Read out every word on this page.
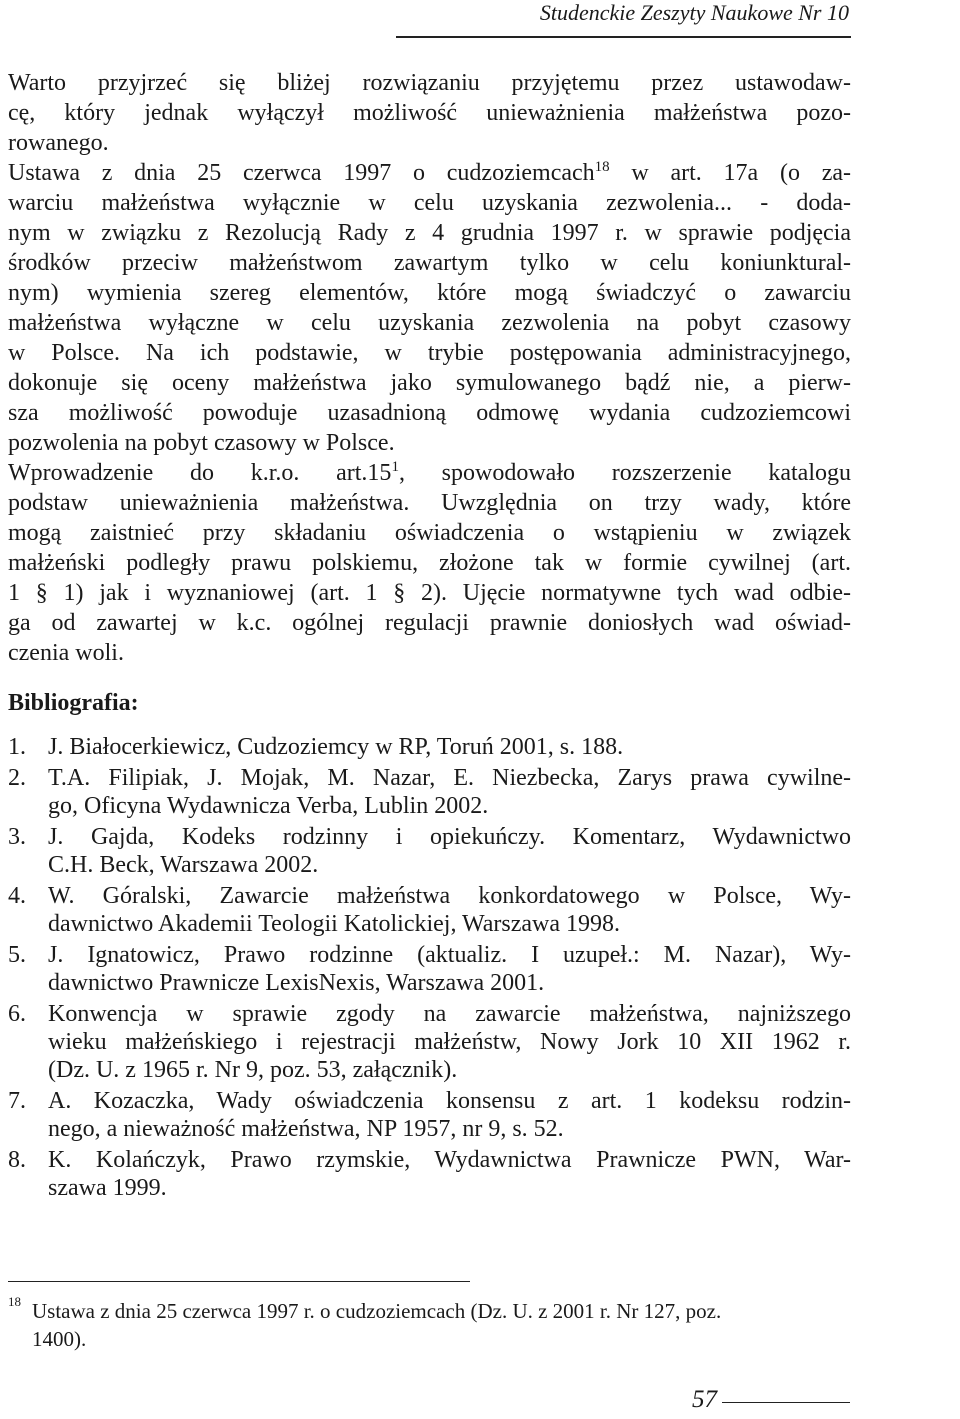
Studenckie Zeszyty Naukowe Nr 10
Warto przyjrzeć się bliżej rozwiązaniu przyjętemu przez ustawodaw-
cę, który jednak wyłączył możliwość unieważnienia małżeństwa pozo-
rowanego.
Ustawa z dnia 25 czerwca 1997 o cudzoziemcach$^{18}$ w art. 17a (o za-
warciu małżeństwa wyłącznie w celu uzyskania zezwolenia... - doda-
nym w związku z Rezolucją Rady z 4 grudnia 1997 r. w sprawie podjęcia
środków przeciw małżeństwom zawartym tylko w celu koniunktural-
nym) wymienia szereg elementów, które mogą świadczyć o zawarciu
małżeństwa wyłączne w celu uzyskania zezwolenia na pobyt czasowy
w Polsce. Na ich podstawie, w trybie postępowania administracyjnego,
dokonuje się oceny małżeństwa jako symulowanego bądź nie, a pierw-
sza możliwość powoduje uzasadnioną odmowę wydania cudzoziemcowi
pozwolenia na pobyt czasowy w Polsce.
Wprowadzenie do k.r.o. $art.15^1$, spowodowało rozszerzenie katalogu
podstaw unieważnienia małżeństwa. Uwzględnia on trzy wady, które
mogą zaistnieć przy składaniu oświadczenia o wstąpieniu w związek
małżeński podległy prawu polskiemu, złożone tak w formie cywilnej (art.
1 § 1) jak i wyznaniowej (art. 1 § 2). Ujęcie normatywne tych wad odbie-
ga od zawartej w k.c. ogólnej regulacji prawnie doniosłych wad oświad-
czenia woli.
Bibliografia:
1. J. Białocerkiewicz, Cudzoziemcy w RP, Toruń 2001, s. 188.
2. T.A. Filipiak, J. Mojak, M. Nazar, E. Niezbecka, Zarys prawa cywilne-
go, Oficyna Wydawnicza Verba, Lublin 2002.
3. J. Gajda, Kodeks rodzinny i opiekuńczy. Komentarz, Wydawnictwo
C.H. Beck, Warszawa 2002.
4. W. Góralski, Zawarcie małżeństwa konkordatowego w Polsce, Wy-
dawnictwo Akademii Teologii Katolickiej, Warszawa 1998.
5. J. Ignatowicz, Prawo rodzinne (aktualiz. I uzupeł.: M. Nazar), Wy-
dawnictwo Prawnicze LexisNexis, Warszawa 2001.
6. Konwencja w sprawie zgody na zawarcie małżeństwa, najniższego
wieku małżeńskiego i rejestracji małżeństw, Nowy Jork 10 XII 1962 r.
(Dz. U. z 1965 r. Nr 9, poz. 53, załącznik).
7. A. Kozaczka, Wady oświadczenia konsensu z art. 1 kodeksu rodzin-
nego, a nieważność małżeństwa, NP 1957, nr 9, s. 52.
8. K. Kolańczyk, Prawo rzymskie, Wydawnictwa Prawnicze PWN, War-
szawa 1999.
18 Ustawa z dnia 25 czerwca 1997 r. o cudzoziemcach (Dz. U. z 2001 r. Nr 127, poz.
1400).
57
